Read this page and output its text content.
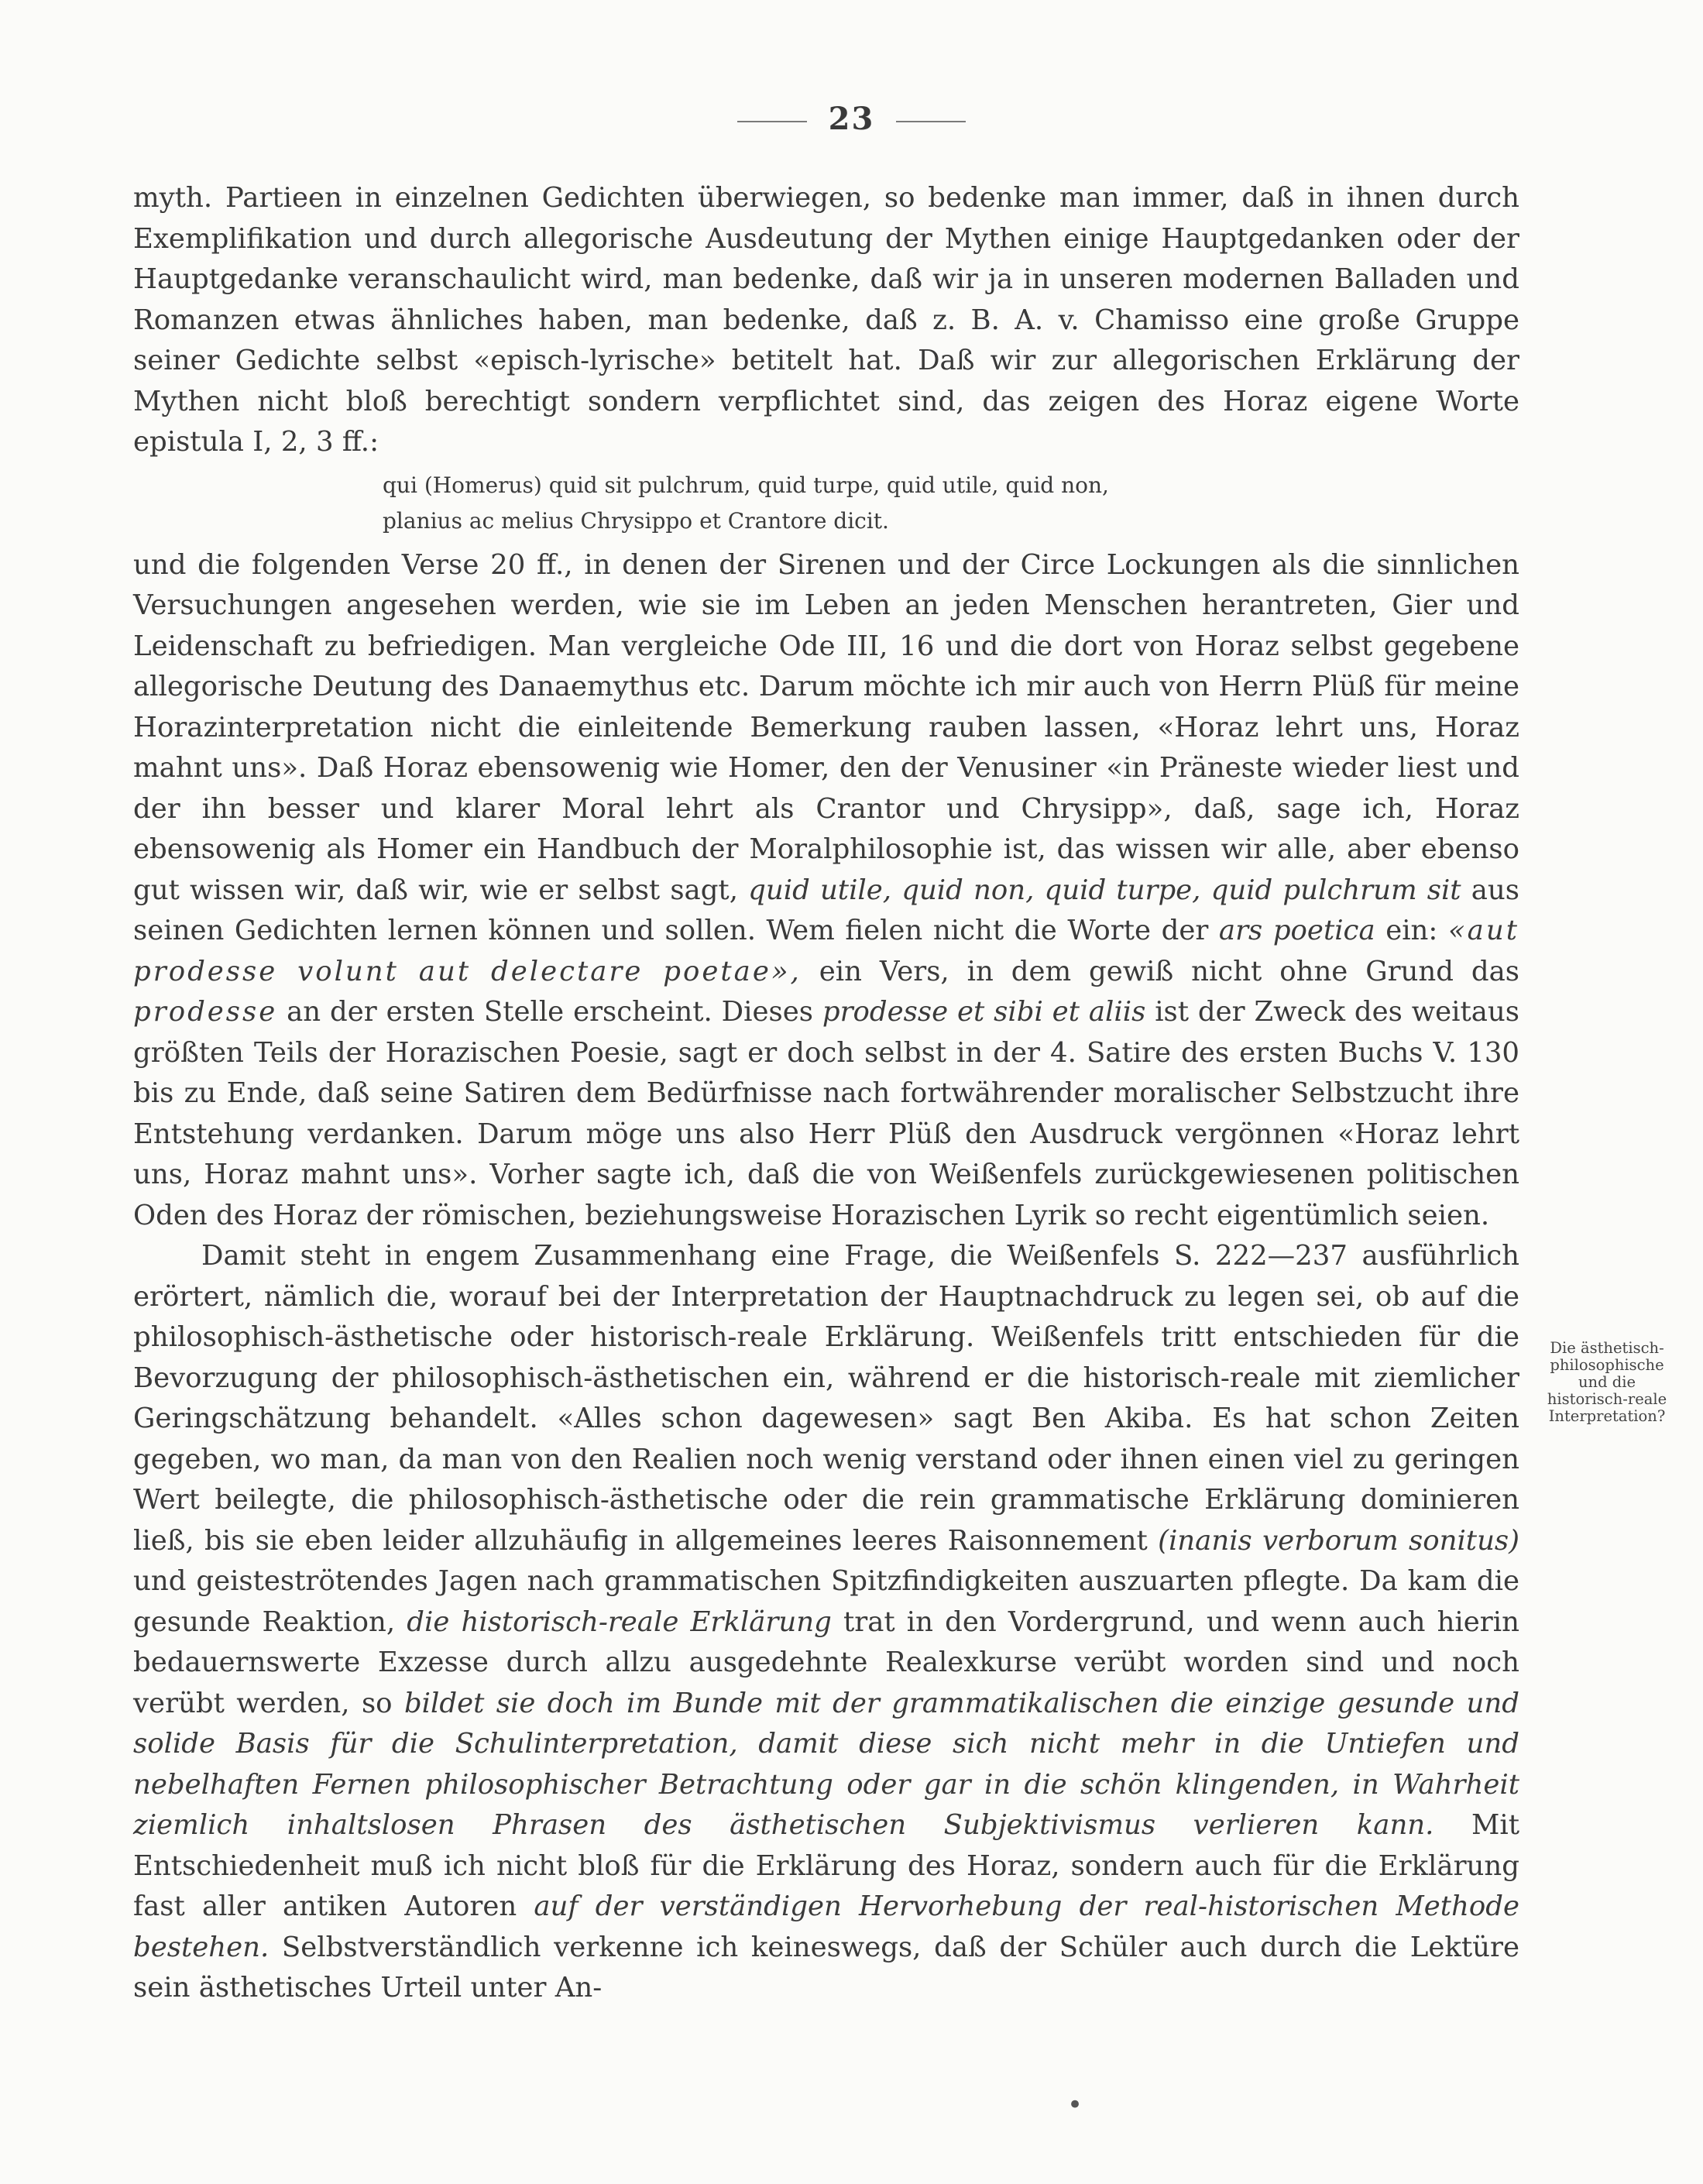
23

myth. Partieen in einzelnen Gedichten überwiegen, so bedenke man immer, daß in ihnen durch Exemplifikation und durch allegorische Ausdeutung der Mythen einige Hauptgedanken oder der Hauptgedanke veranschaulicht wird, man bedenke, daß wir ja in unseren modernen Balladen und Romanzen etwas ähnliches haben, man bedenke, daß z. B. A. v. Chamisso eine große Gruppe seiner Gedichte selbst «episch-lyrische» betitelt hat. Daß wir zur allegorischen Erklärung der Mythen nicht bloß berechtigt sondern verpflichtet sind, das zeigen des Horaz eigene Worte epistula I, 2, 3 ff.:

qui (Homerus) quid sit pulchrum, quid turpe, quid utile, quid non,
planius ac melius Chrysippo et Crantore dicit.

und die folgenden Verse 20 ff., in denen der Sirenen und der Circe Lockungen als die sinnlichen Versuchungen angesehen werden, wie sie im Leben an jeden Menschen herantreten, Gier und Leidenschaft zu befriedigen. Man vergleiche Ode III, 16 und die dort von Horaz selbst gegebene allegorische Deutung des Danaemythus etc. Darum möchte ich mir auch von Herrn Plüß für meine Horazinterpretation nicht die einleitende Bemerkung rauben lassen, «Horaz lehrt uns, Horaz mahnt uns». Daß Horaz ebensowenig wie Homer, den der Venusiner «in Präneste wieder liest und der ihn besser und klarer Moral lehrt als Crantor und Chrysipp», daß, sage ich, Horaz ebensowenig als Homer ein Handbuch der Moralphilosophie ist, das wissen wir alle, aber ebenso gut wissen wir, daß wir, wie er selbst sagt, quid utile, quid non, quid turpe, quid pulchrum sit aus seinen Gedichten lernen können und sollen. Wem fielen nicht die Worte der ars poetica ein: «aut prodesse volunt aut delectare poetae», ein Vers, in dem gewiß nicht ohne Grund das prodesse an der ersten Stelle erscheint. Dieses prodesse et sibi et aliis ist der Zweck des weitaus größten Teils der Horazischen Poesie, sagt er doch selbst in der 4. Satire des ersten Buchs V. 130 bis zu Ende, daß seine Satiren dem Bedürfnisse nach fortwährender moralischer Selbstzucht ihre Entstehung verdanken. Darum möge uns also Herr Plüß den Ausdruck vergönnen «Horaz lehrt uns, Horaz mahnt uns». Vorher sagte ich, daß die von Weißenfels zurückgewiesenen politischen Oden des Horaz der römischen, beziehungsweise Horazischen Lyrik so recht eigentümlich seien.

Damit steht in engem Zusammenhang eine Frage, die Weißenfels S. 222—237 ausführlich erörtert, nämlich die, worauf bei der Interpretation der Hauptnachdruck zu legen sei, ob auf die philosophisch-ästhetische oder historisch-reale Erklärung. Weißenfels tritt entschieden für die Bevorzugung der philosophisch-ästhetischen ein, während er die historisch-reale mit ziemlicher Geringschätzung behandelt. «Alles schon dagewesen» sagt Ben Akiba. Es hat schon Zeiten gegeben, wo man, da man von den Realien noch wenig verstand oder ihnen einen viel zu geringen Wert beilegte, die philosophisch-ästhetische oder die rein grammatische Erklärung dominieren ließ, bis sie eben leider allzuhäufig in allgemeines leeres Raisonnement (inanis verborum sonitus) und geisteströtendes Jagen nach grammatischen Spitzfindigkeiten auszuarten pflegte. Da kam die gesunde Reaktion, die historisch-reale Erklärung trat in den Vordergrund, und wenn auch hierin bedauernswerte Exzesse durch allzu ausgedehnte Realexkurse verübt worden sind und noch verübt werden, so bildet sie doch im Bunde mit der grammatikalischen die einzige gesunde und solide Basis für die Schulinterpretation, damit diese sich nicht mehr in die Untiefen und nebelhaften Fernen philosophischer Betrachtung oder gar in die schön klingenden, in Wahrheit ziemlich inhaltslosen Phrasen des ästhetischen Subjektivismus verlieren kann. Mit Entschiedenheit muß ich nicht bloß für die Erklärung des Horaz, sondern auch für die Erklärung fast aller antiken Autoren auf der verständigen Hervorhebung der real-historischen Methode bestehen. Selbstverständlich verkenne ich keineswegs, daß der Schüler auch durch die Lektüre sein ästhetisches Urteil unter An-

Die ästhetisch-
philosophische
und die
historisch-reale
Interpretation?
•
